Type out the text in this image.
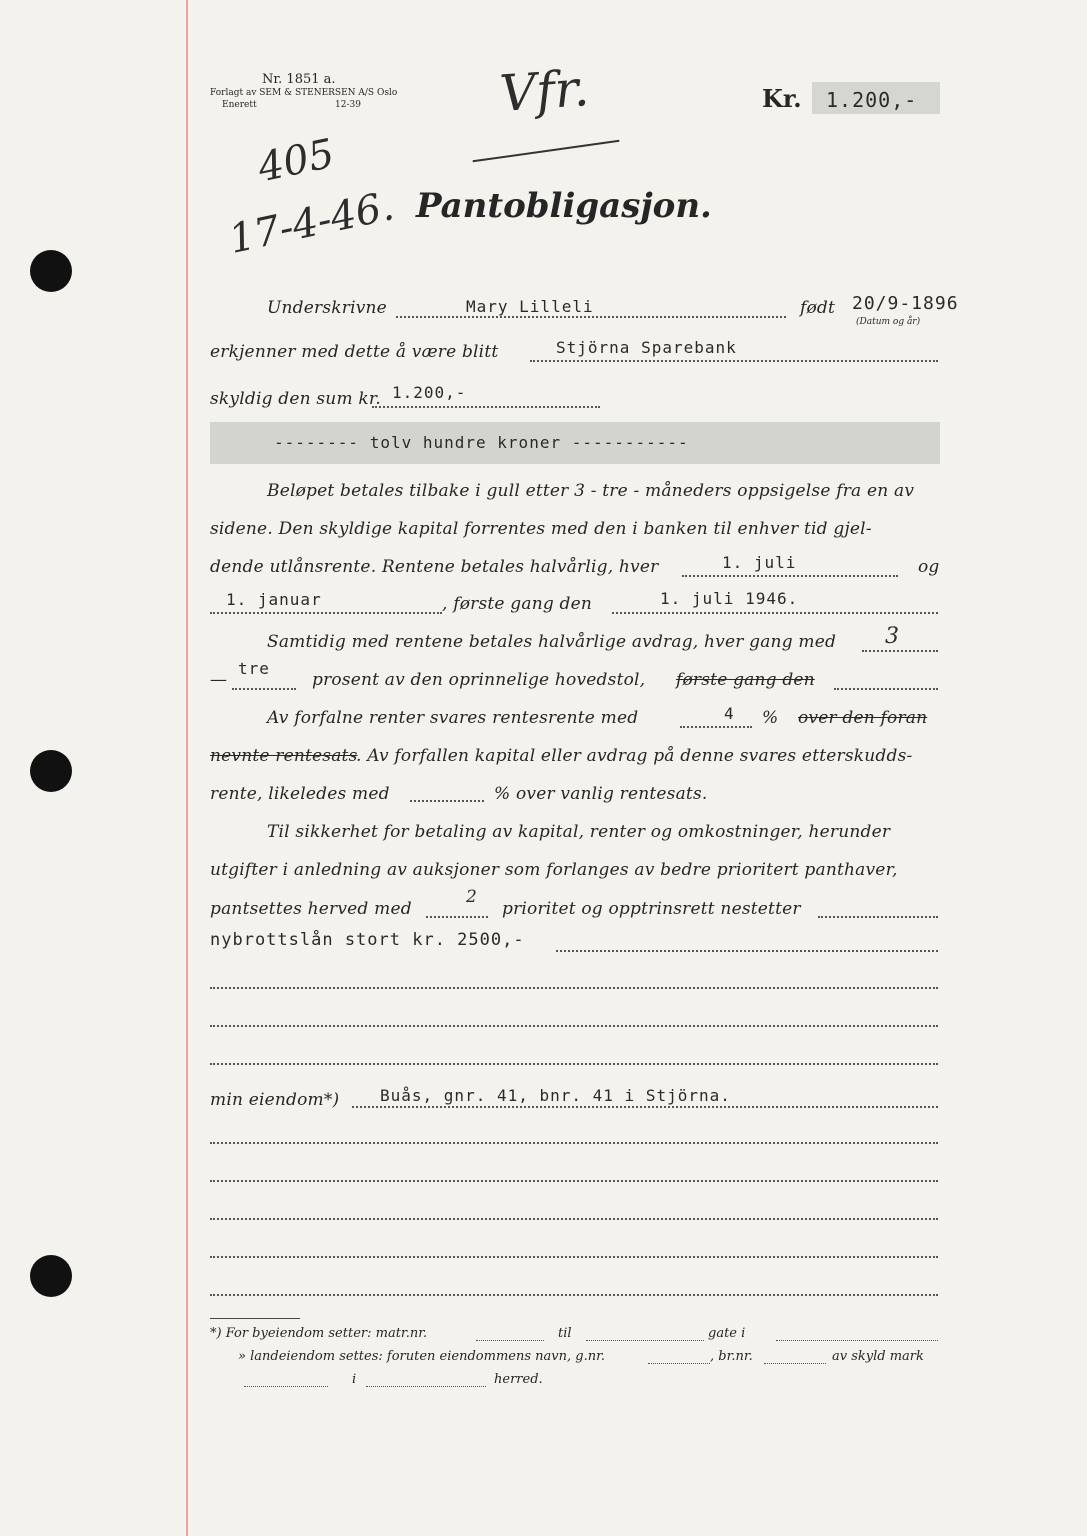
Nr. 1851 a.
Forlagt av SEM & STENERSEN A/S Oslo
Enerett	12-39	Vfr.	Kr. 1.200,-
405
17-4-46. Pantobligasjon.
Underskrivne	Mary Lilleli	født 20/9-1896
(Datum og år)
erkjenner med dette å være blitt	Stjörna Sparebank
skyldig den sum kr. 1.200,-
-------- tolv hundre kroner -----------
Beløpet betales tilbake i gull etter 3 - tre - måneders oppsigelse fra en av
sidene. Den skyldige kapital forrentes med den i banken til enhver tid gjel-
dende utlånsrente. Rentene betales halvårlig, hver	1. juli	og
1. januar	, første gang den	1. juli 1946.
Samtidig med rentene betales halvårlige avdrag, hver gang med 3
—
tre
prosent av den oprinnelige hovedstol, første gang den
Av forfalne renter svares rentesrente med	4 % over den foran
nevnte rentesats
. Av forfallen kapital eller avdrag på denne svares etterskudds-
rente, likeledes med	% over vanlig rentesats.
Til sikkerhet for betaling av kapital, renter og omkostninger, herunder
utgifter i anledning av auksjoner som forlanges av bedre prioritert panthaver,
pantsettes herved med
2
prioritet og opptrinsrett nestetter
nybrottslån stort kr. 2500,-
min eiendom*)	Buås, gnr. 41, bnr. 41 i Stjörna.
*) For byeiendom setter: matr.nr.	til	gate i
» landeiendom settes: foruten eiendommens navn, g.nr.	, br.nr.	av skyld mark
i	herred.
